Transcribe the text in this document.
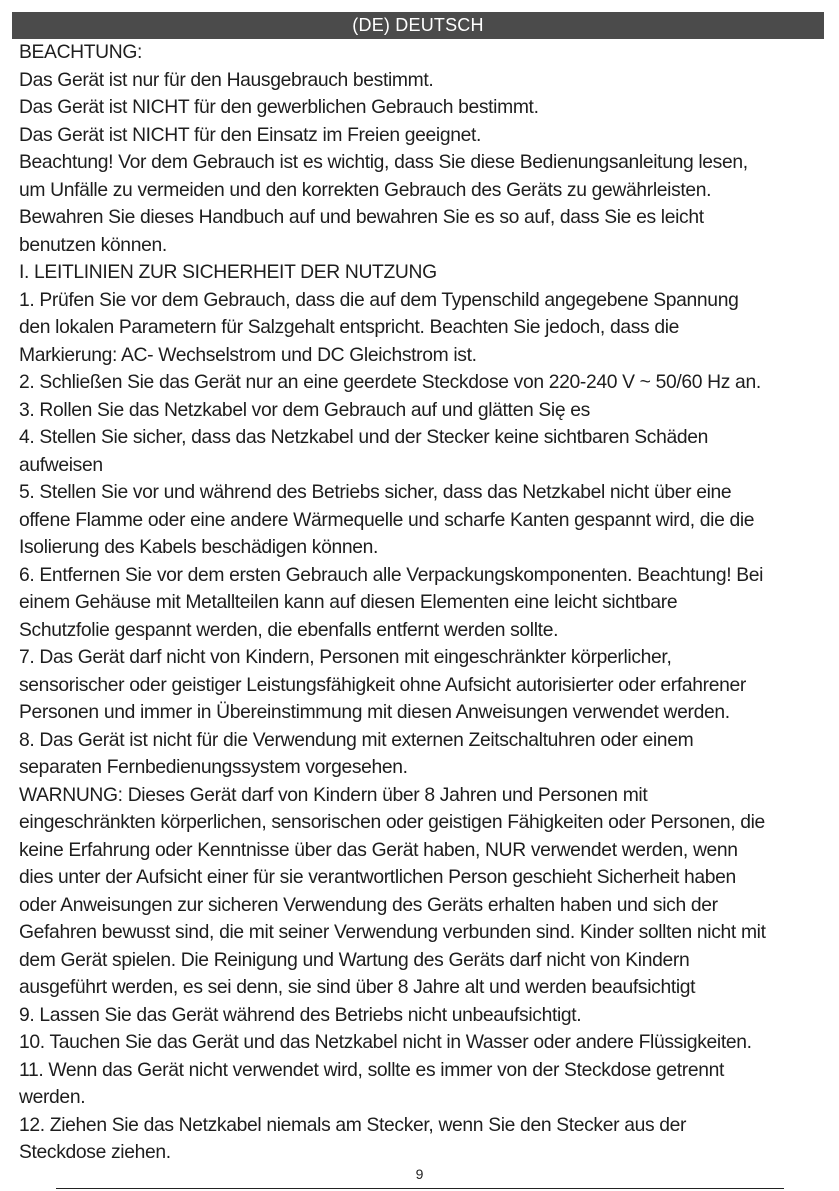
(DE) DEUTSCH
BEACHTUNG:
Das Gerät ist nur für den Hausgebrauch bestimmt.
Das Gerät ist NICHT für den gewerblichen Gebrauch bestimmt.
Das Gerät ist NICHT für den Einsatz im Freien geeignet.
Beachtung! Vor dem Gebrauch ist es wichtig, dass Sie diese Bedienungsanleitung lesen,
um Unfälle zu vermeiden und den korrekten Gebrauch des Geräts zu gewährleisten.
Bewahren Sie dieses Handbuch auf und bewahren Sie es so auf, dass Sie es leicht
benutzen können.
I. LEITLINIEN ZUR SICHERHEIT DER NUTZUNG
1. Prüfen Sie vor dem Gebrauch, dass die auf dem Typenschild angegebene Spannung
den lokalen Parametern für Salzgehalt entspricht. Beachten Sie jedoch, dass die
Markierung: AC- Wechselstrom und DC Gleichstrom ist.
2. Schließen Sie das Gerät nur an eine geerdete Steckdose von 220-240 V ~ 50/60 Hz an.
3. Rollen Sie das Netzkabel vor dem Gebrauch auf und glätten Się es
4. Stellen Sie sicher, dass das Netzkabel und der Stecker keine sichtbaren Schäden
aufweisen
5. Stellen Sie vor und während des Betriebs sicher, dass das Netzkabel nicht über eine
offene Flamme oder eine andere Wärmequelle und scharfe Kanten gespannt wird, die die
Isolierung des Kabels beschädigen können.
6. Entfernen Sie vor dem ersten Gebrauch alle Verpackungskomponenten. Beachtung! Bei
einem Gehäuse mit Metallteilen kann auf diesen Elementen eine leicht sichtbare
Schutzfolie gespannt werden, die ebenfalls entfernt werden sollte.
7. Das Gerät darf nicht von Kindern, Personen mit eingeschränkter körperlicher,
sensorischer oder geistiger Leistungsfähigkeit ohne Aufsicht autorisierter oder erfahrener
Personen und immer in Übereinstimmung mit diesen Anweisungen verwendet werden.
8. Das Gerät ist nicht für die Verwendung mit externen Zeitschaltuhren oder einem
separaten Fernbedienungssystem vorgesehen.
WARNUNG: Dieses Gerät darf von Kindern über 8 Jahren und Personen mit
eingeschränkten körperlichen, sensorischen oder geistigen Fähigkeiten oder Personen, die
keine Erfahrung oder Kenntnisse über das Gerät haben, NUR verwendet werden, wenn
dies unter der Aufsicht einer für sie verantwortlichen Person geschieht Sicherheit haben
oder Anweisungen zur sicheren Verwendung des Geräts erhalten haben und sich der
Gefahren bewusst sind, die mit seiner Verwendung verbunden sind. Kinder sollten nicht mit
dem Gerät spielen. Die Reinigung und Wartung des Geräts darf nicht von Kindern
ausgeführt werden, es sei denn, sie sind über 8 Jahre alt und werden beaufsichtigt
9. Lassen Sie das Gerät während des Betriebs nicht unbeaufsichtigt.
10. Tauchen Sie das Gerät und das Netzkabel nicht in Wasser oder andere Flüssigkeiten.
11. Wenn das Gerät nicht verwendet wird, sollte es immer von der Steckdose getrennt
werden.
12. Ziehen Sie das Netzkabel niemals am Stecker, wenn Sie den Stecker aus der
Steckdose ziehen.
9
